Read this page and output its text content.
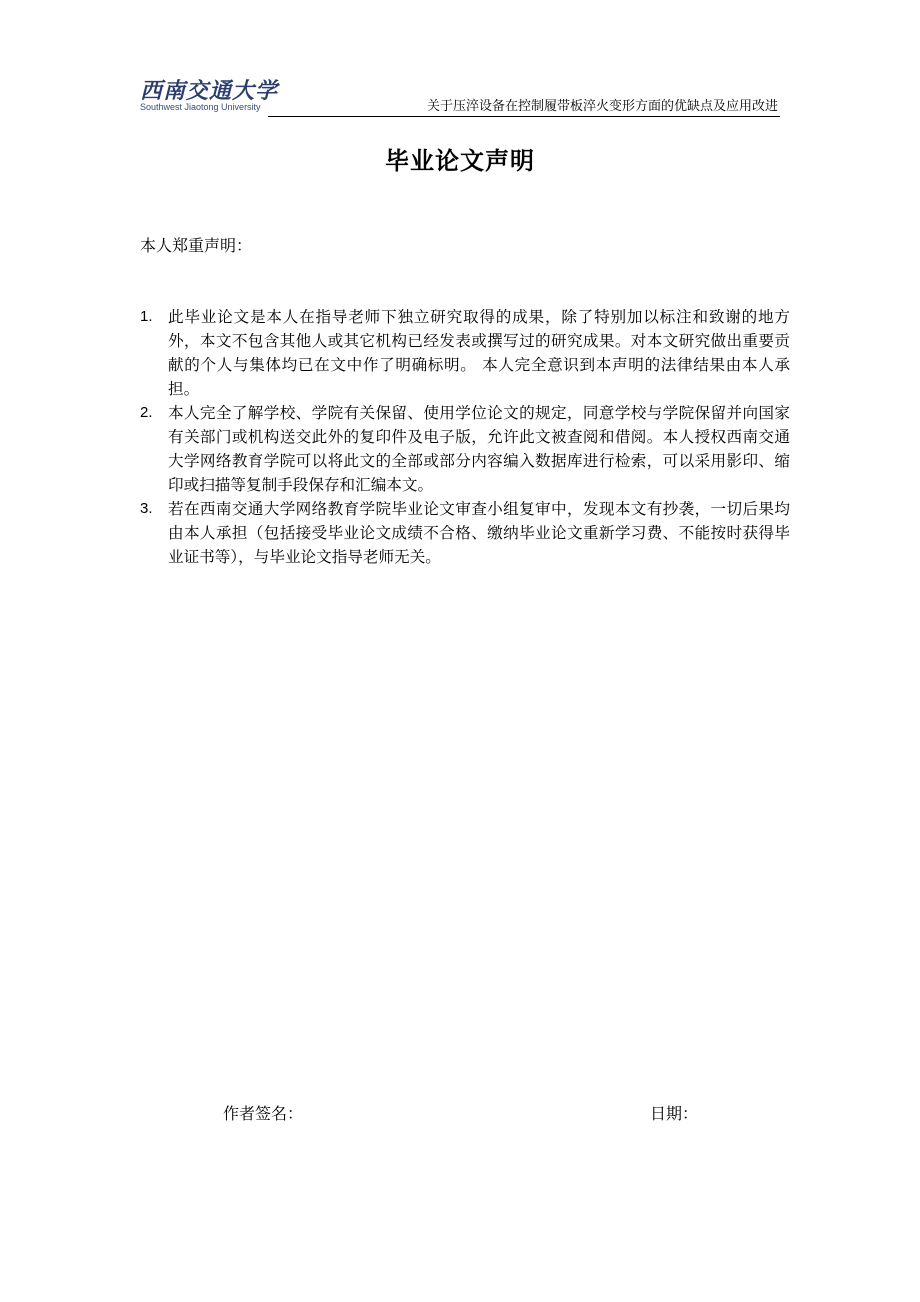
西南交通大学
Southwest Jiaotong University	关于压淬设备在控制履带板淬火变形方面的优缺点及应用改进
毕业论文声明
本人郑重声明：
1. 此毕业论文是本人在指导老师下独立研究取得的成果，除了特别加以标注和致谢的地方外，本文不包含其他人或其它机构已经发表或撰写过的研究成果。对本文研究做出重要贡献的个人与集体均已在文中作了明确标明。 本人完全意识到本声明的法律结果由本人承担。
2. 本人完全了解学校、学院有关保留、使用学位论文的规定，同意学校与学院保留并向国家有关部门或机构送交此外的复印件及电子版，允许此文被查阅和借阅。本人授权西南交通大学网络教育学院可以将此文的全部或部分内容编入数据库进行检索，可以采用影印、缩印或扫描等复制手段保存和汇编本文。
3. 若在西南交通大学网络教育学院毕业论文审查小组复审中，发现本文有抄袭，一切后果均由本人承担（包括接受毕业论文成绩不合格、缴纳毕业论文重新学习费、不能按时获得毕业证书等），与毕业论文指导老师无关。
作者签名：	日期：
